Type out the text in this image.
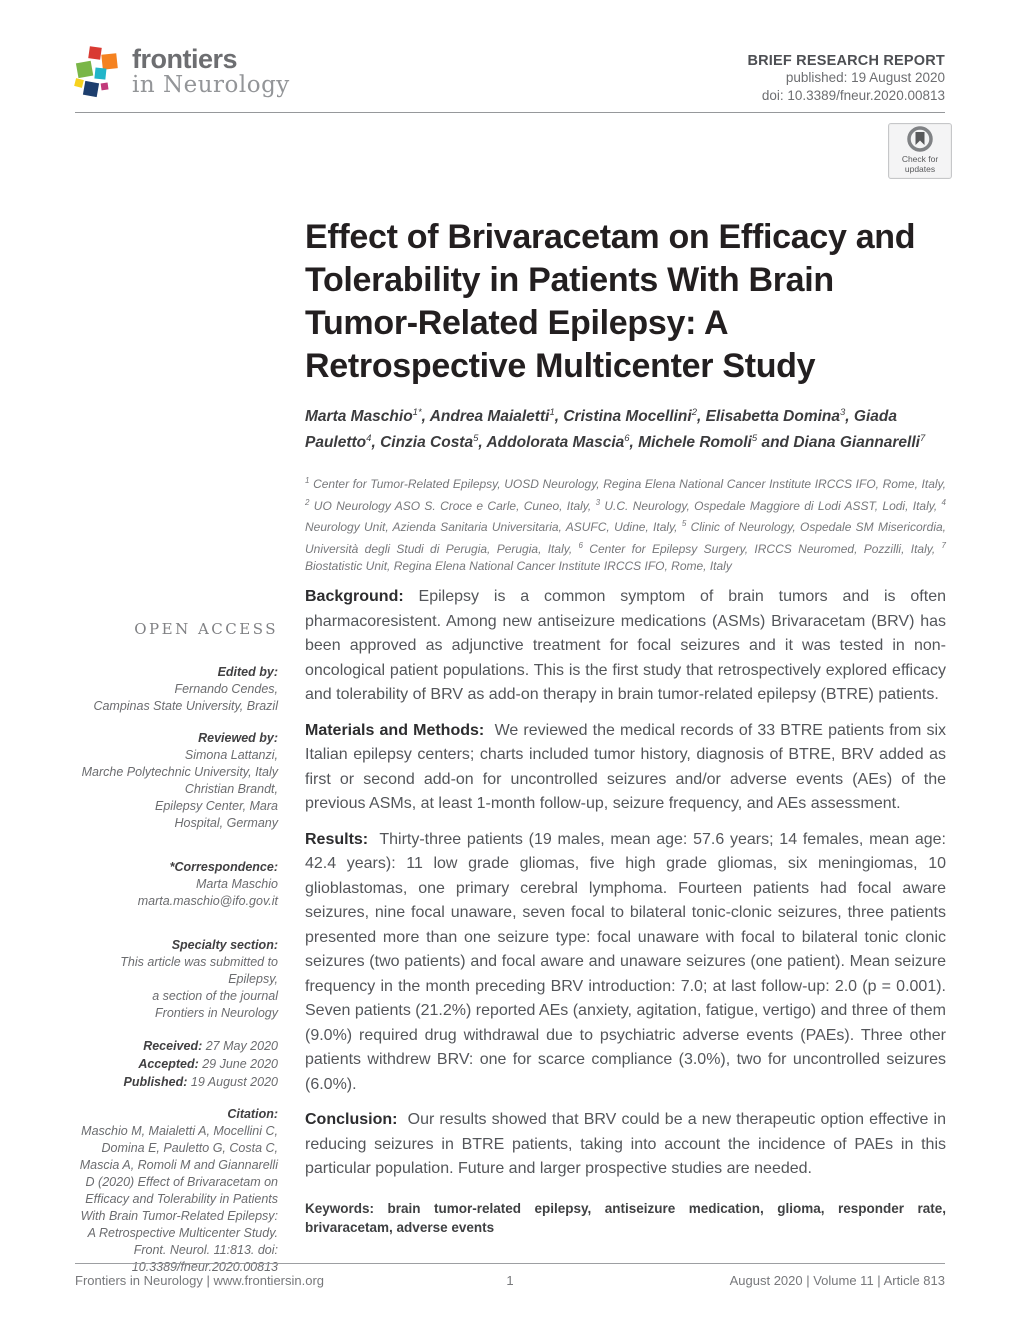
frontiers
in Neurology
BRIEF RESEARCH REPORT
published: 19 August 2020
doi: 10.3389/fneur.2020.00813
Check for
updates
Effect of Brivaracetam on Efficacy and Tolerability in Patients With Brain Tumor-Related Epilepsy: A Retrospective Multicenter Study

Marta Maschio$^{1*}$, Andrea Maialetti$^1$, Cristina Mocellini$^2$, Elisabetta Domina$^3$, Giada Pauletto$^4$, Cinzia Costa$^5$, Addolorata Mascia$^6$, Michele Romoli$^5$ and Diana Giannarelli$^7$

$^1$ Center for Tumor-Related Epilepsy, UOSD Neurology, Regina Elena National Cancer Institute IRCCS IFO, Rome, Italy, $^2$ UO Neurology ASO S. Croce e Carle, Cuneo, Italy, $^3$ U.C. Neurology, Ospedale Maggiore di Lodi ASST, Lodi, Italy, $^4$ Neurology Unit, Azienda Sanitaria Universitaria, ASUFC, Udine, Italy, $^5$ Clinic of Neurology, Ospedale SM Misericordia, Università degli Studi di Perugia, Perugia, Italy, $^6$ Center for Epilepsy Surgery, IRCCS Neuromed, Pozzilli, Italy, $^7$ Biostatistic Unit, Regina Elena National Cancer Institute IRCCS IFO, Rome, Italy

Background: Epilepsy is a common symptom of brain tumors and is often pharmacoresistent. Among new antiseizure medications (ASMs) Brivaracetam (BRV) has been approved as adjunctive treatment for focal seizures and it was tested in non-oncological patient populations. This is the first study that retrospectively explored efficacy and tolerability of BRV as add-on therapy in brain tumor-related epilepsy (BTRE) patients.

Materials and Methods: We reviewed the medical records of 33 BTRE patients from six Italian epilepsy centers; charts included tumor history, diagnosis of BTRE, BRV added as first or second add-on for uncontrolled seizures and/or adverse events (AEs) of the previous ASMs, at least 1-month follow-up, seizure frequency, and AEs assessment.

Results: Thirty-three patients (19 males, mean age: 57.6 years; 14 females, mean age: 42.4 years): 11 low grade gliomas, five high grade gliomas, six meningiomas, 10 glioblastomas, one primary cerebral lymphoma. Fourteen patients had focal aware seizures, nine focal unaware, seven focal to bilateral tonic-clonic seizures, three patients presented more than one seizure type: focal unaware with focal to bilateral tonic clonic seizures (two patients) and focal aware and unaware seizures (one patient). Mean seizure frequency in the month preceding BRV introduction: 7.0; at last follow-up: 2.0 (p = 0.001). Seven patients (21.2%) reported AEs (anxiety, agitation, fatigue, vertigo) and three of them (9.0%) required drug withdrawal due to psychiatric adverse events (PAEs). Three other patients withdrew BRV: one for scarce compliance (3.0%), two for uncontrolled seizures (6.0%).

Conclusion: Our results showed that BRV could be a new therapeutic option effective in reducing seizures in BTRE patients, taking into account the incidence of PAEs in this particular population. Future and larger prospective studies are needed.

Keywords: brain tumor-related epilepsy, antiseizure medication, glioma, responder rate, brivaracetam, adverse events

OPEN ACCESS
Edited by:
Fernando Cendes,
Campinas State University, Brazil
Reviewed by:
Simona Lattanzi,
Marche Polytechnic University, Italy
Christian Brandt,
Epilepsy Center, Mara
Hospital, Germany
*Correspondence:
Marta Maschio
marta.maschio@ifo.gov.it
Specialty section:
This article was submitted to
Epilepsy,
a section of the journal
Frontiers in Neurology
Received: 27 May 2020
Accepted: 29 June 2020
Published: 19 August 2020
Citation:
Maschio M, Maialetti A, Mocellini C, Domina E, Pauletto G, Costa C, Mascia A, Romoli M and Giannarelli D (2020) Effect of Brivaracetam on Efficacy and Tolerability in Patients With Brain Tumor-Related Epilepsy: A Retrospective Multicenter Study. Front. Neurol. 11:813. doi: 10.3389/fneur.2020.00813
Frontiers in Neurology | www.frontiersin.org	1	August 2020 | Volume 11 | Article 813
